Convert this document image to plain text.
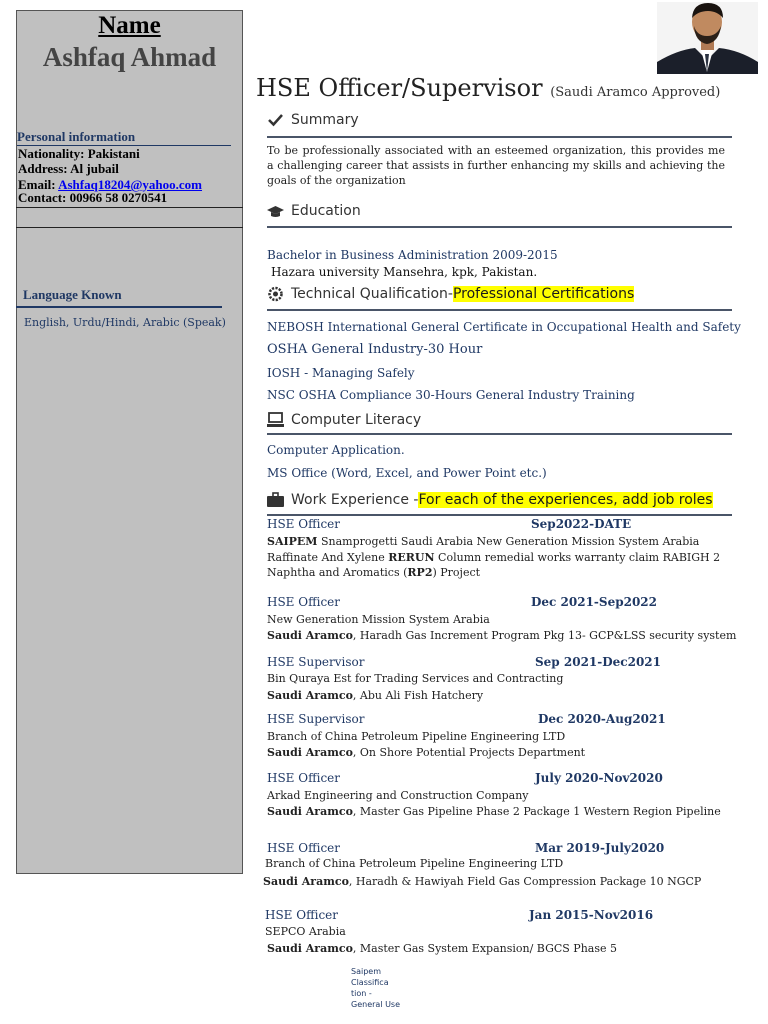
Name
Ashfaq Ahmad
Personal information
Nationality: Pakistani
Address: Al jubail
Email: Ashfaq18204@yahoo.com
Contact: 00966 58 0270541
Language Known
English, Urdu/Hindi, Arabic (Speak)
HSE Officer/Supervisor (Saudi Aramco Approved)
Summary
To be professionally associated with an esteemed organization, this provides me a challenging career that assists in further enhancing my skills and achieving the goals of the organization
Education
Bachelor in Business Administration 2009-2015
Hazara university Mansehra, kpk, Pakistan.
Technical Qualification-Professional Certifications
NEBOSH International General Certificate in Occupational Health and Safety
OSHA General Industry-30 Hour
IOSH - Managing Safely
NSC OSHA Compliance 30-Hours General Industry Training
Computer Literacy
Computer Application.
MS Office (Word, Excel, and Power Point etc.)
Work Experience -For each of the experiences, add job roles
HSE Officer	Sep2022-DATE
SAIPEM Snamprogetti Saudi Arabia New Generation Mission System Arabia
Raffinate And Xylene RERUN Column remedial works warranty claim RABIGH 2
Naphtha and Aromatics (RP2) Project
HSE Officer	Dec 2021-Sep2022
New Generation Mission System Arabia
Saudi Aramco, Haradh Gas Increment Program Pkg 13- GCP&LSS security system
HSE Supervisor	Sep 2021-Dec2021
Bin Quraya Est for Trading Services and Contracting
Saudi Aramco, Abu Ali Fish Hatchery
HSE Supervisor	Dec 2020-Aug2021
Branch of China Petroleum Pipeline Engineering LTD
Saudi Aramco, On Shore Potential Projects Department
HSE Officer	July 2020-Nov2020
Arkad Engineering and Construction Company
Saudi Aramco, Master Gas Pipeline Phase 2 Package 1 Western Region Pipeline
HSE Officer	Mar 2019-July2020
Branch of China Petroleum Pipeline Engineering LTD
Saudi Aramco, Haradh & Hawiyah Field Gas Compression Package 10 NGCP
HSE Officer	Jan 2015-Nov2016
SEPCO Arabia
Saudi Aramco, Master Gas System Expansion/ BGCS Phase 5
Saipem Classifica tion - General Use
